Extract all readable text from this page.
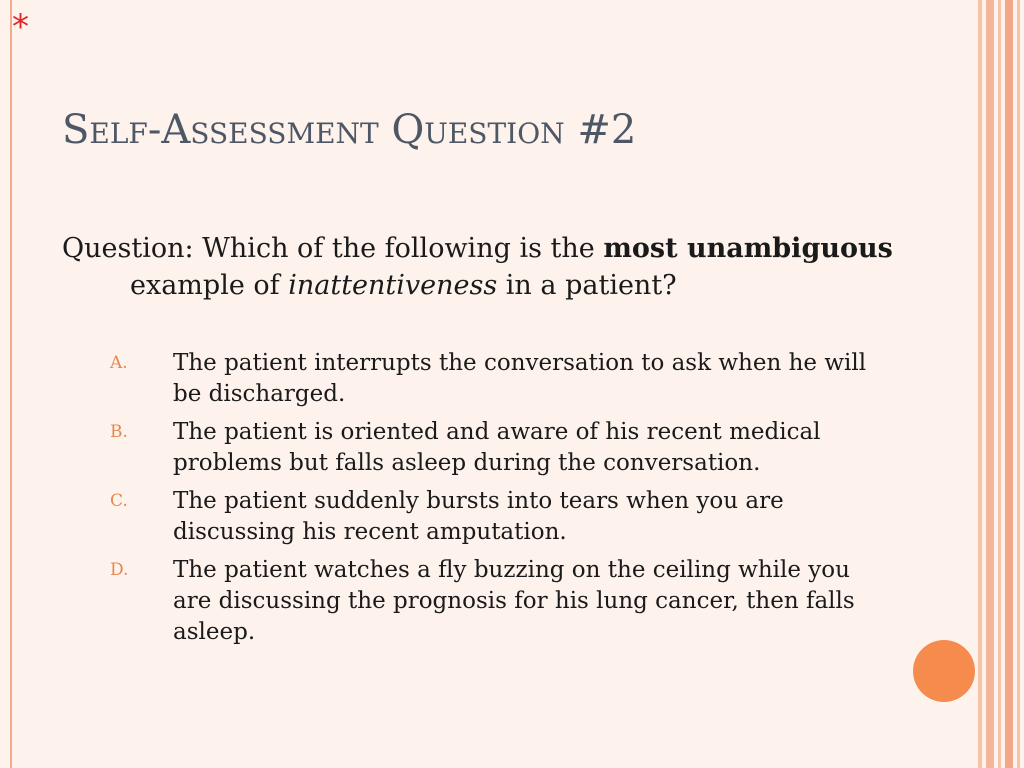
*
Self-Assessment Question #2
Question: Which of the following is the most unambiguous example of inattentiveness in a patient?
A.	The patient interrupts the conversation to ask when he will be discharged.
B.	The patient is oriented and aware of his recent medical problems but falls asleep during the conversation.
C.	The patient suddenly bursts into tears when you are discussing his recent amputation.
D.	The patient watches a fly buzzing on the ceiling while you are discussing the prognosis for his lung cancer, then falls asleep.
